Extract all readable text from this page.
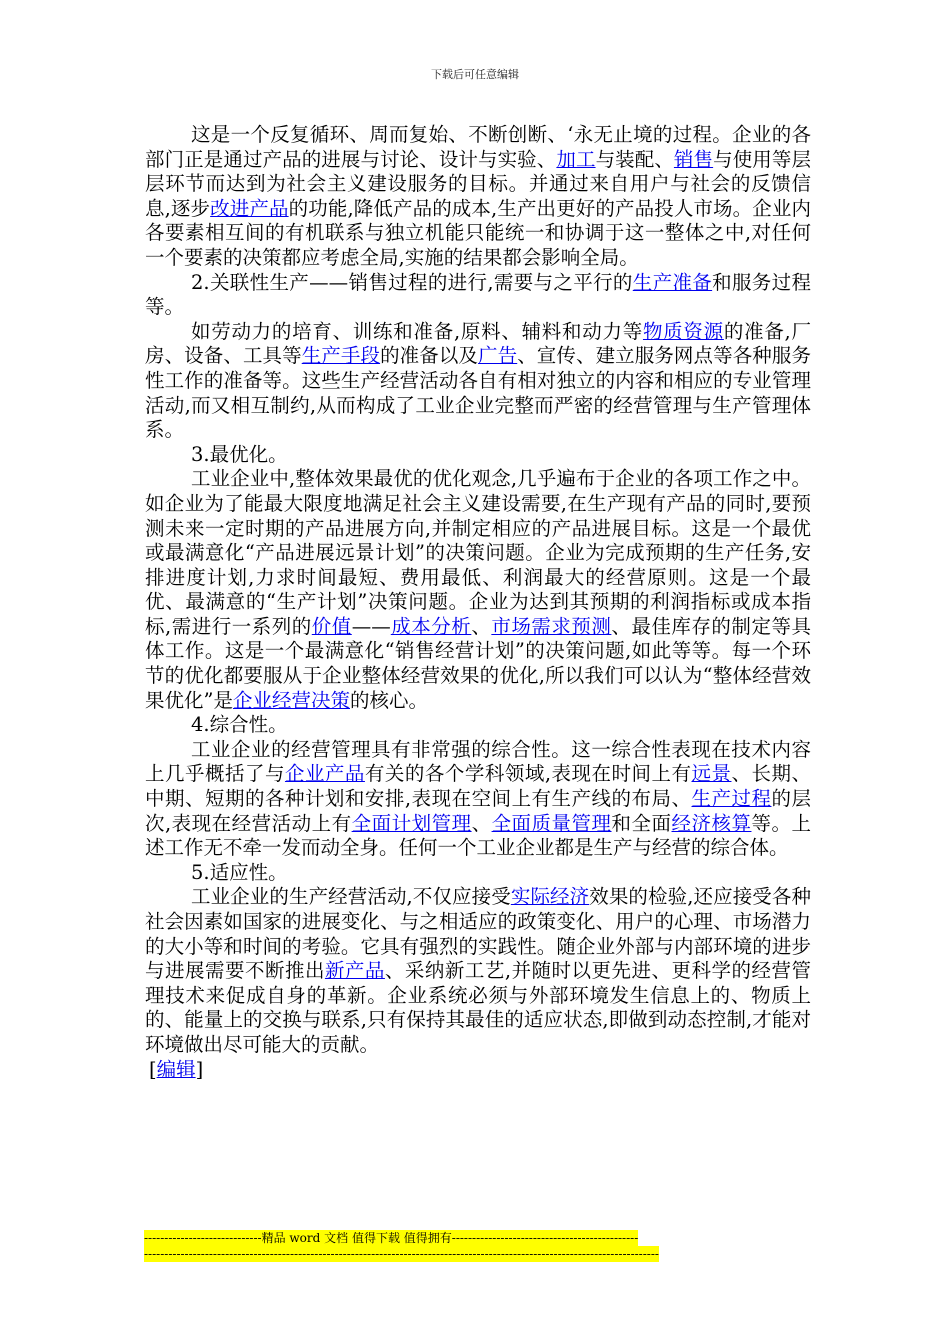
下载后可任意编辑

这是一个反复循环、周而复始、不断创断、‘永无止境的过程。企业的各部门正是通过产品的进展与讨论、设计与实验、加工与装配、销售与使用等层层环节而达到为社会主义建设服务的目标。并通过来自用户与社会的反馈信息,逐步改进产品的功能,降低产品的成本,生产出更好的产品投人市场。企业内各要素相互间的有机联系与独立机能只能统一和协调于这一整体之中,对任何一个要素的决策都应考虑全局,实施的结果都会影响全局。

2.关联性生产——销售过程的进行,需要与之平行的生产准备和服务过程等。

如劳动力的培育、训练和准备,原料、辅料和动力等物质资源的准备,厂房、设备、工具等生产手段的准备以及广告、宣传、建立服务网点等各种服务性工作的准备等。这些生产经营活动各自有相对独立的内容和相应的专业管理活动,而又相互制约,从而构成了工业企业完整而严密的经营管理与生产管理体系。

3.最优化。

工业企业中,整体效果最优的优化观念,几乎遍布于企业的各项工作之中。如企业为了能最大限度地满足社会主义建设需要,在生产现有产品的同时,要预测未来一定时期的产品进展方向,并制定相应的产品进展目标。这是一个最优或最满意化“产品进展远景计划”的决策问题。企业为完成预期的生产任务,安排进度计划,力求时间最短、费用最低、利润最大的经营原则。这是一个最优、最满意的“生产计划”决策问题。企业为达到其预期的利润指标或成本指标,需进行一系列的价值——成本分析、市场需求预测、最佳库存的制定等具体工作。这是一个最满意化“销售经营计划”的决策问题,如此等等。每一个环节的优化都要服从于企业整体经营效果的优化,所以我们可以认为“整体经营效果优化”是企业经营决策的核心。

4.综合性。

工业企业的经营管理具有非常强的综合性。这一综合性表现在技术内容上几乎概括了与企业产品有关的各个学科领域,表现在时间上有远景、长期、中期、短期的各种计划和安排,表现在空间上有生产线的布局、生产过程的层次,表现在经营活动上有全面计划管理、全面质量管理和全面经济核算等。上述工作无不牵一发而动全身。任何一个工业企业都是生产与经营的综合体。

5.适应性。

工业企业的生产经营活动,不仅应接受实际经济效果的检验,还应接受各种社会因素如国家的进展变化、与之相适应的政策变化、用户的心理、市场潜力的大小等和时间的考验。它具有强烈的实践性。随企业外部与内部环境的进步与进展需要不断推出新产品、采纳新工艺,并随时以更先进、更科学的经营管理技术来促成自身的革新。企业系统必须与外部环境发生信息上的、物质上的、能量上的交换与联系,只有保持其最佳的适应状态,即做到动态控制,才能对环境做出尽可能大的贡献。

[编辑]

-----------------------------精品 word 文档 值得下载 值得拥有----------------------------------------------
-------------------------------------------------------------------------------------------------------------------------------
